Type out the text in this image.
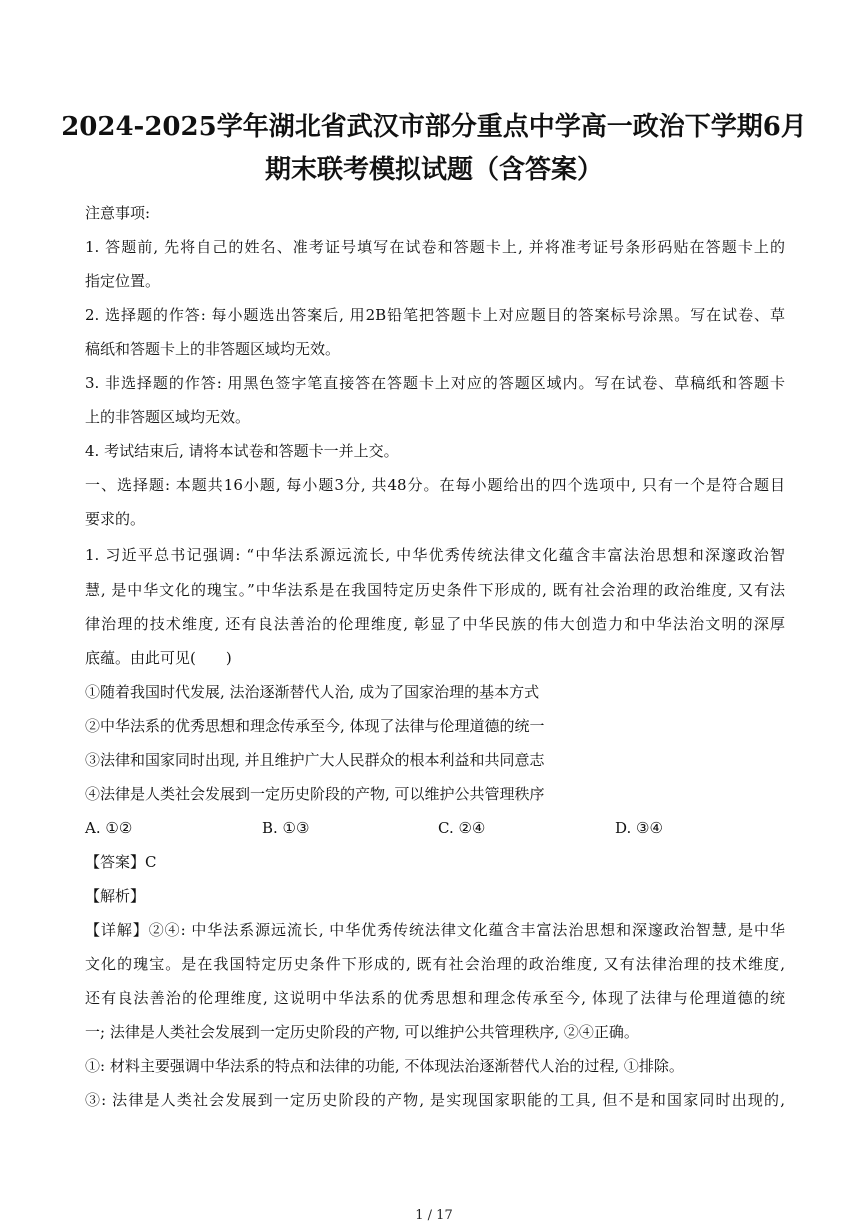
2024-2025学年湖北省武汉市部分重点中学高一政治下学期6月
期末联考模拟试题（含答案）
注意事项:
1. 答题前, 先将自己的姓名、准考证号填写在试卷和答题卡上, 并将准考证号条形码贴在答题卡上的
指定位置。
2. 选择题的作答: 每小题选出答案后, 用2B铅笔把答题卡上对应题目的答案标号涂黑。写在试卷、草
稿纸和答题卡上的非答题区域均无效。
3. 非选择题的作答: 用黑色签字笔直接答在答题卡上对应的答题区域内。写在试卷、草稿纸和答题卡
上的非答题区域均无效。
4. 考试结束后, 请将本试卷和答题卡一并上交。
一、选择题: 本题共16小题, 每小题3分, 共48分。在每小题给出的四个选项中, 只有一个是符合题目
要求的。
1. 习近平总书记强调: “中华法系源远流长, 中华优秀传统法律文化蕴含丰富法治思想和深邃政治智
慧, 是中华文化的瑰宝。”中华法系是在我国特定历史条件下形成的, 既有社会治理的政治维度, 又有法
律治理的技术维度, 还有良法善治的伦理维度, 彰显了中华民族的伟大创造力和中华法治文明的深厚
底蕴。由此可见(　　)
①随着我国时代发展, 法治逐渐替代人治, 成为了国家治理的基本方式
②中华法系的优秀思想和理念传承至今, 体现了法律与伦理道德的统一
③法律和国家同时出现, 并且维护广大人民群众的根本利益和共同意志
④法律是人类社会发展到一定历史阶段的产物, 可以维护公共管理秩序
A. ①②	B. ①③	C. ②④	D. ③④
【答案】C
【解析】
【详解】②④: 中华法系源远流长, 中华优秀传统法律文化蕴含丰富法治思想和深邃政治智慧, 是中华
文化的瑰宝。是在我国特定历史条件下形成的, 既有社会治理的政治维度, 又有法律治理的技术维度,
还有良法善治的伦理维度, 这说明中华法系的优秀思想和理念传承至今, 体现了法律与伦理道德的统
一; 法律是人类社会发展到一定历史阶段的产物, 可以维护公共管理秩序, ②④正确。
①: 材料主要强调中华法系的特点和法律的功能, 不体现法治逐渐替代人治的过程, ①排除。
③: 法律是人类社会发展到一定历史阶段的产物, 是实现国家职能的工具, 但不是和国家同时出现的,
1 / 17
